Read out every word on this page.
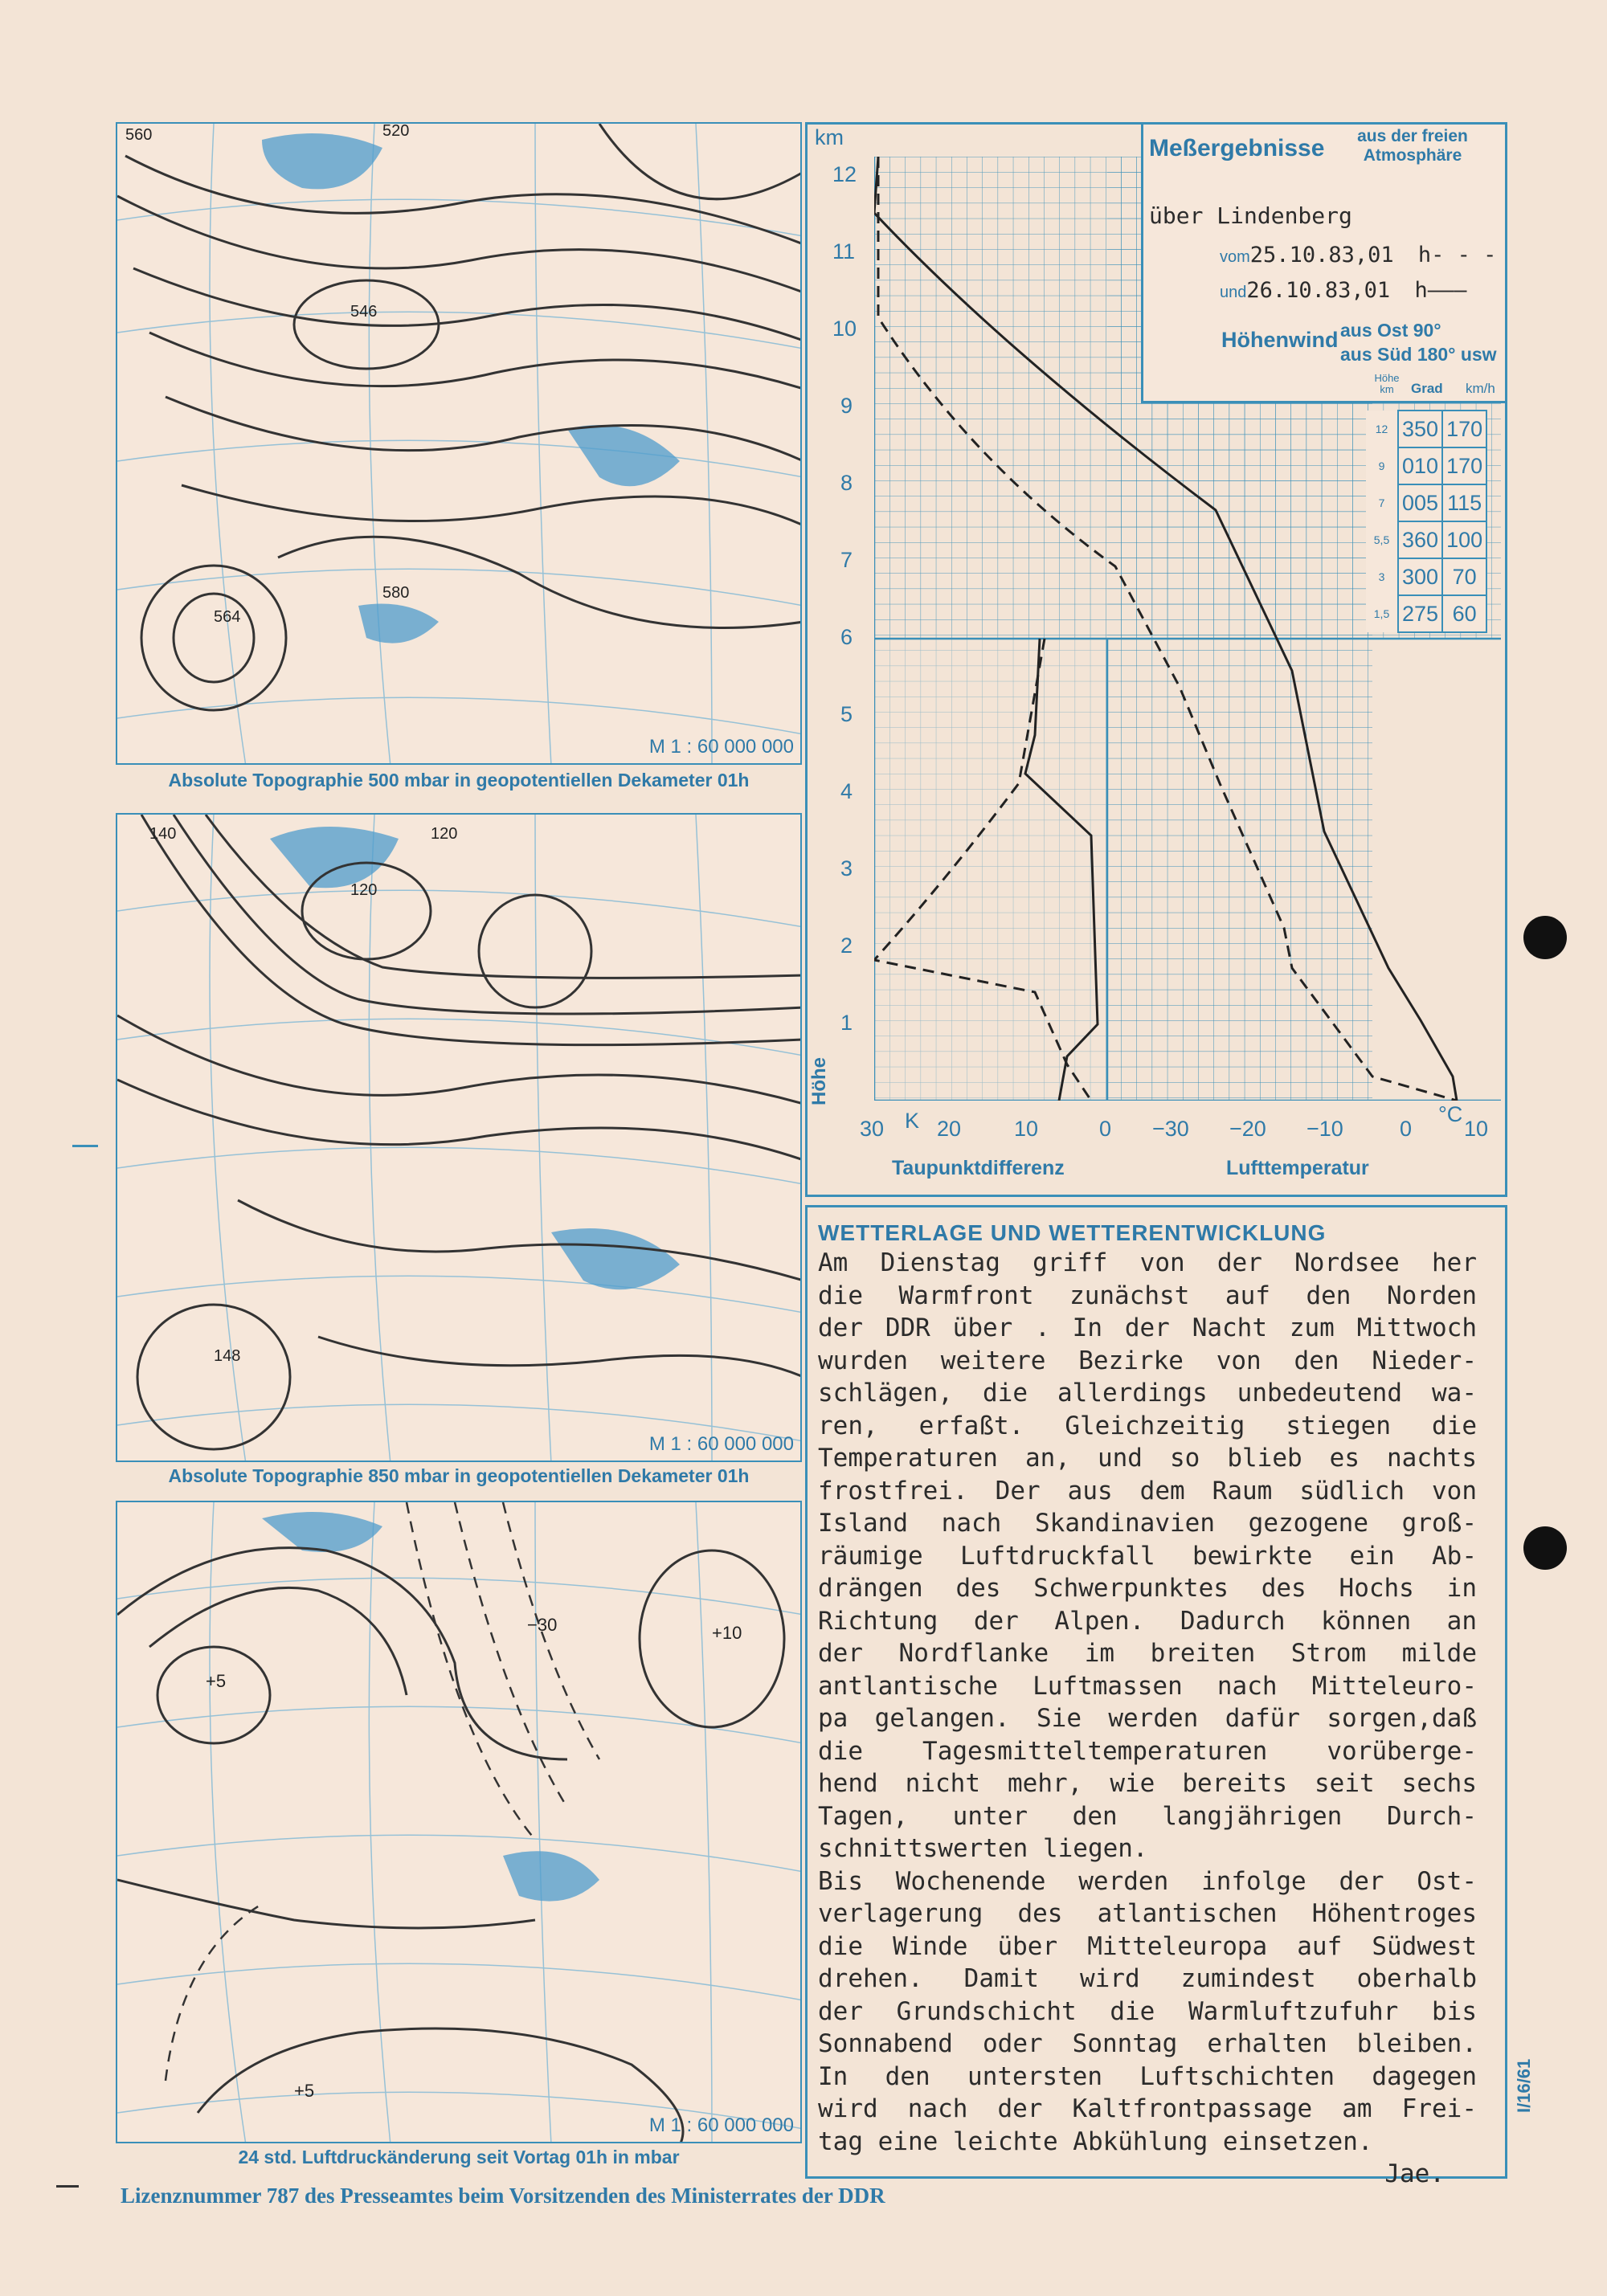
564
580
546
560	520
M 1 : 60 000 000
Absolute Topographie 500 mbar in geopotentiellen Dekameter 01h
140
120
148
120
M 1 : 60 000 000
Absolute Topographie 850 mbar in geopotentiellen Dekameter 01h
+5
+10
−30
+5
M 1 : 60 000 000
24 std. Luftdruckänderung seit Vortag 01h in mbar
Meßergebnisse	aus der freien Atmosphäre
über Lindenberg
vom25.10.83,01 h- - -
und26.10.83,01 h———
Höhenwind aus Ost 90°
aus Süd 180° usw
Höhe km	Grad km/h
12	350	170
9	010	170
7	005	115
5,5	360	100
3	300	70
1,5	275	60
km
12
11
10
9
8
7
6
5
4
3
2
1
Höhe
30 K 20 10	0 −30 −20 −10	0
°C
10
Taupunktdifferenz	Lufttemperatur
WETTERLAGE UND WETTERENTWICKLUNG

Am Dienstag griff von der Nordsee her

die Warmfront zunächst auf den Norden

der DDR über . In der Nacht zum Mittwoch

wurden weitere Bezirke von den Nieder-

schlägen, die allerdings unbedeutend wa-

ren, erfaßt. Gleichzeitig stiegen die

Temperaturen an, und so blieb es nachts

frostfrei. Der aus dem Raum südlich von

Island nach Skandinavien gezogene groß-

räumige Luftdruckfall bewirkte ein Ab-

drängen des Schwerpunktes des Hochs in

Richtung der Alpen. Dadurch können an

der Nordflanke im breiten Strom milde

antlantische Luftmassen nach Mitteleuro-

pa gelangen. Sie werden dafür sorgen,daß

die Tagesmitteltemperaturen vorüberge-

hend nicht mehr, wie bereits seit sechs

Tagen, unter den langjährigen Durch-

schnittswerten liegen.

Bis Wochenende werden infolge der Ost-

verlagerung des atlantischen Höhentroges

die Winde über Mitteleuropa auf Südwest

drehen. Damit wird zumindest oberhalb

der Grundschicht die Warmluftzufuhr bis

Sonnabend oder Sonntag erhalten bleiben.

In den untersten Luftschichten dagegen

wird nach der Kaltfrontpassage am Frei-

tag eine leichte Abkühlung einsetzen.

Jae.

I/16/61
Lizenznummer 787 des Presseamtes beim Vorsitzenden des Ministerrates der DDR
